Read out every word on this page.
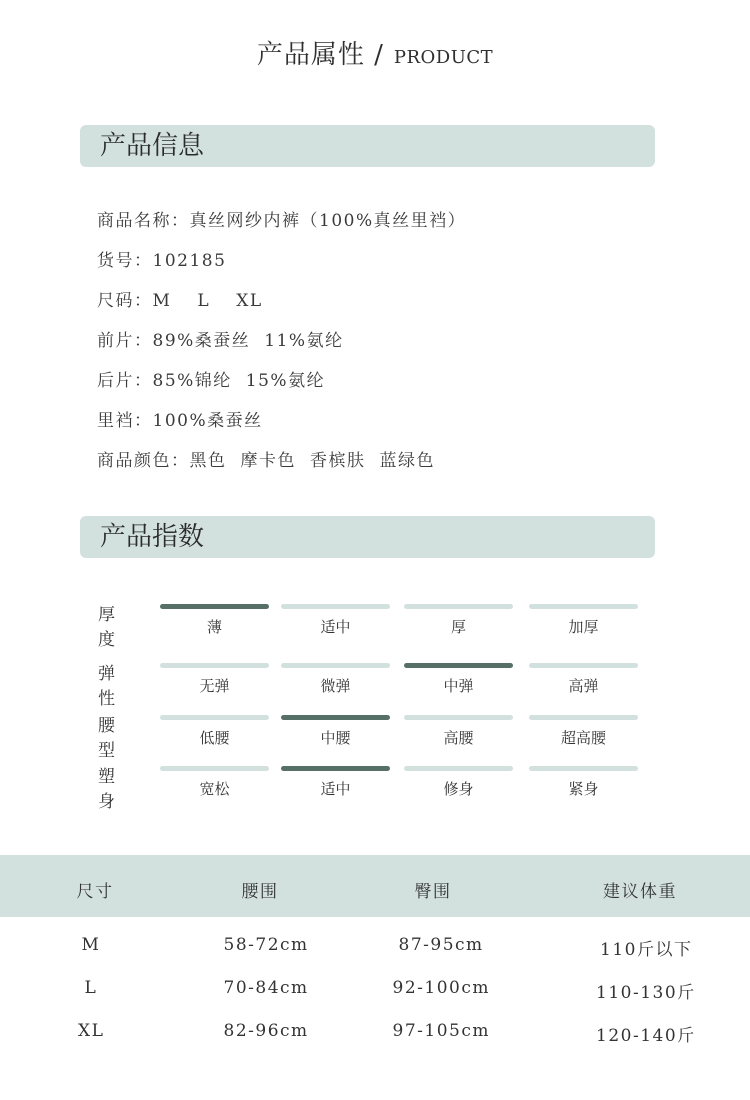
产品属性 / PRODUCT
产品信息
商品名称：真丝网纱内裤（100%真丝里裆）
货号：102185
尺码：M L XL
前片：89%桑蚕丝 11%氨纶
后片：85%锦纶 15%氨纶
里裆：100%桑蚕丝
商品颜色：黑色 摩卡色 香槟肤 蓝绿色
产品指数
厚度
薄	适中	厚	加厚
弹性
无弹	微弹	中弹	高弹
腰型
低腰	中腰	高腰	超高腰
塑身
宽松	适中	修身	紧身
尺寸	腰围	臀围	建议体重
M	58-72cm	87-95cm	110斤以下
L	70-84cm	92-100cm	110-130斤
XL	82-96cm	97-105cm	120-140斤
